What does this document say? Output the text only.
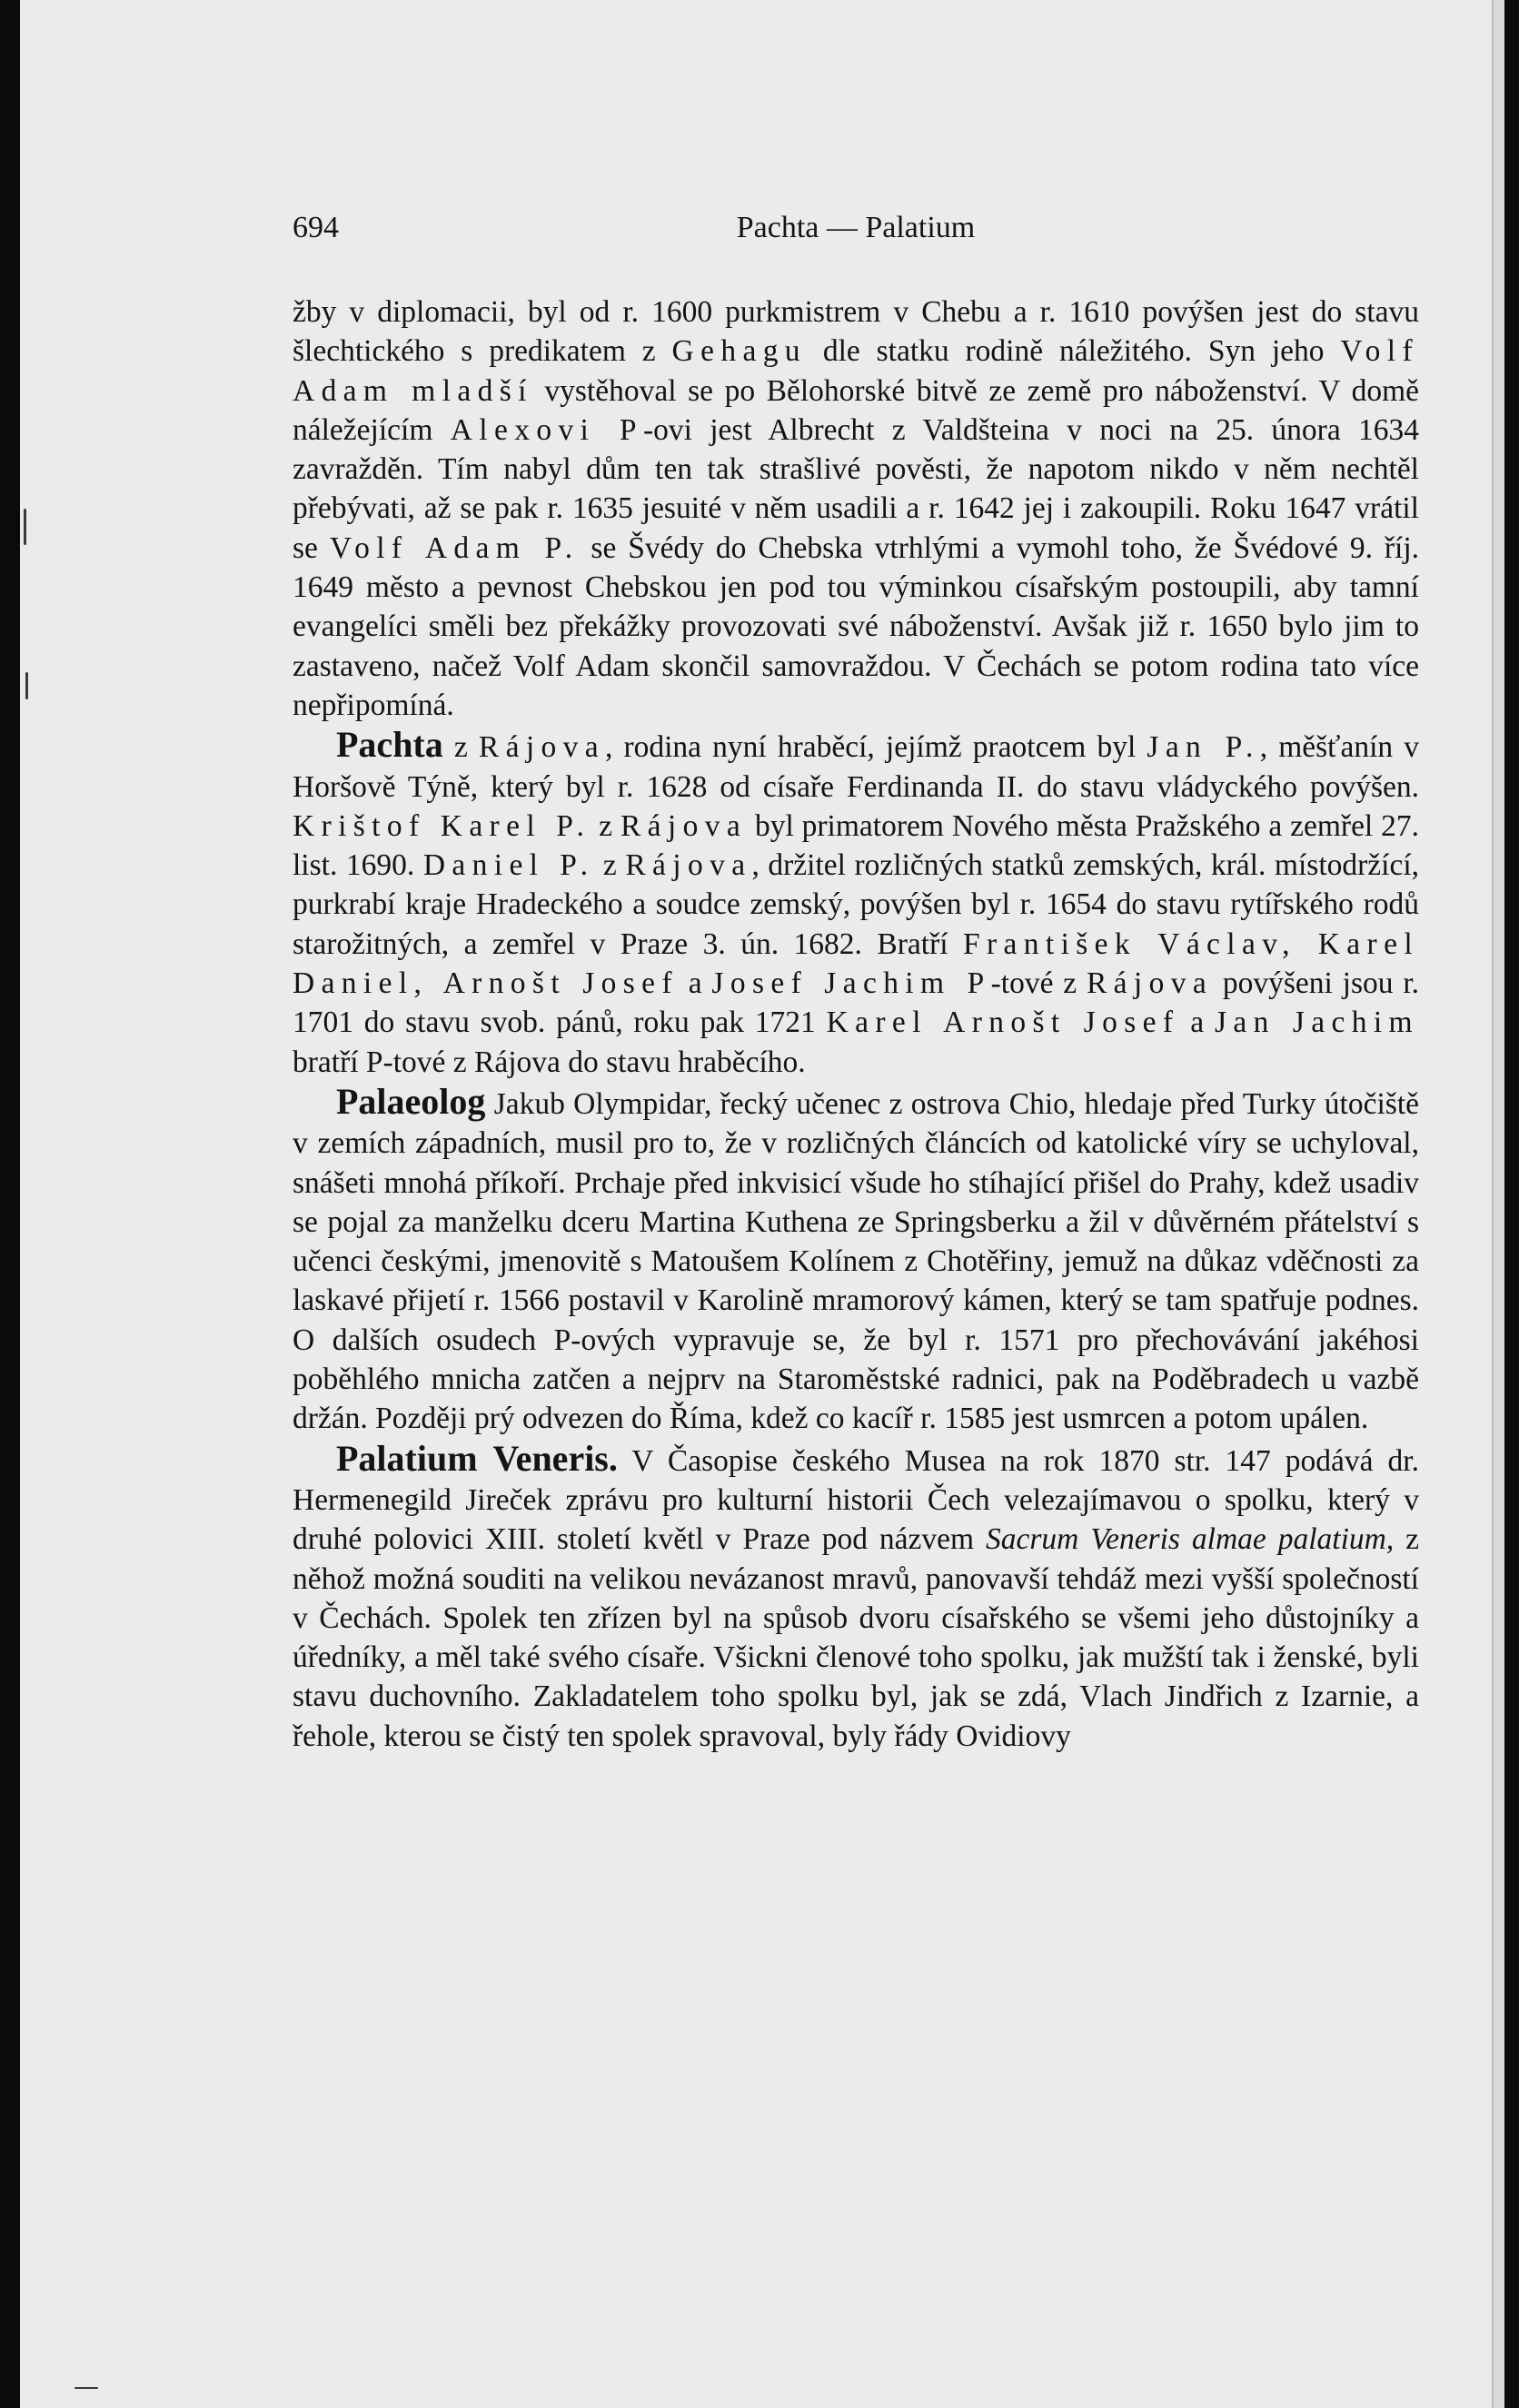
694	Pachta — Palatium

žby v diplomacii, byl od r. 1600 purkmistrem v Chebu a r. 1610 povýšen jest do stavu šlechtického s predikatem z Gehagu dle statku rodině náležitého. Syn jeho Volf Adam mladší vystěhoval se po Bělohorské bitvě ze země pro náboženství. V domě náležejícím Alexovi P-ovi jest Albrecht z Valdšteina v noci na 25. února 1634 zavražděn. Tím nabyl dům ten tak strašlivé pověsti, že napotom nikdo v něm nechtěl přebývati, až se pak r. 1635 jesuité v něm usadili a r. 1642 jej i zakoupili. Roku 1647 vrátil se Volf Adam P. se Švédy do Chebska vtrhlými a vymohl toho, že Švédové 9. říj. 1649 město a pevnost Chebskou jen pod tou výminkou císařským postoupili, aby tamní evangelíci směli bez překážky provozovati své náboženství. Avšak již r. 1650 bylo jim to zastaveno, načež Volf Adam skončil samovraždou. V Čechách se potom rodina tato více nepřipomíná.

Pachta z Rájova, rodina nyní hraběcí, jejímž praotcem byl Jan P., měšťanín v Horšově Týně, který byl r. 1628 od císaře Ferdinanda II. do stavu vládyckého povýšen. Krištof Karel P. z Rájova byl primatorem Nového města Pražského a zemřel 27. list. 1690. Daniel P. z Rájova, držitel rozličných statků zemských, král. místodržící, purkrabí kraje Hradeckého a soudce zemský, povýšen byl r. 1654 do stavu rytířského rodů starožitných, a zemřel v Praze 3. ún. 1682. Bratří František Václav, Karel Daniel, Arnošt Josef a Josef Jachim P-tové z Rájova povýšeni jsou r. 1701 do stavu svob. pánů, roku pak 1721 Karel Arnošt Josef a Jan Jachim bratří P-tové z Rájova do stavu hraběcího.

Palaeolog Jakub Olympidar, řecký učenec z ostrova Chio, hledaje před Turky útočiště v zemích západních, musil pro to, že v rozličných článcích od katolické víry se uchyloval, snášeti mnohá příkoří. Prchaje před inkvisicí všude ho stíhající přišel do Prahy, kdež usadiv se pojal za manželku dceru Martina Kuthena ze Springsberku a žil v důvěrném přátelství s učenci českými, jmenovitě s Matoušem Kolínem z Chotěřiny, jemuž na důkaz vděčnosti za laskavé přijetí r. 1566 postavil v Karolině mramorový kámen, který se tam spatřuje podnes. O dalších osudech P-ových vypravuje se, že byl r. 1571 pro přechovávání jakéhosi poběhlého mnicha zatčen a nejprv na Staroměstské radnici, pak na Poděbradech u vazbě držán. Později prý odvezen do Říma, kdež co kacíř r. 1585 jest usmrcen a potom upálen.

Palatium Veneris. V Časopise českého Musea na rok 1870 str. 147 podává dr. Hermenegild Jireček zprávu pro kulturní historii Čech velezajímavou o spolku, který v druhé polovici XIII. století květl v Praze pod názvem Sacrum Veneris almae palatium, z něhož možná souditi na velikou nevázanost mravů, panovavší tehdáž mezi vyšší společností v Čechách. Spolek ten zřízen byl na spůsob dvoru císařského se všemi jeho důstojníky a úředníky, a měl také svého císaře. Všickni členové toho spolku, jak mužští tak i ženské, byli stavu duchovního. Zakladatelem toho spolku byl, jak se zdá, Vlach Jindřich z Izarnie, a řehole, kterou se čistý ten spolek spravoval, byly řády Ovidiovy
